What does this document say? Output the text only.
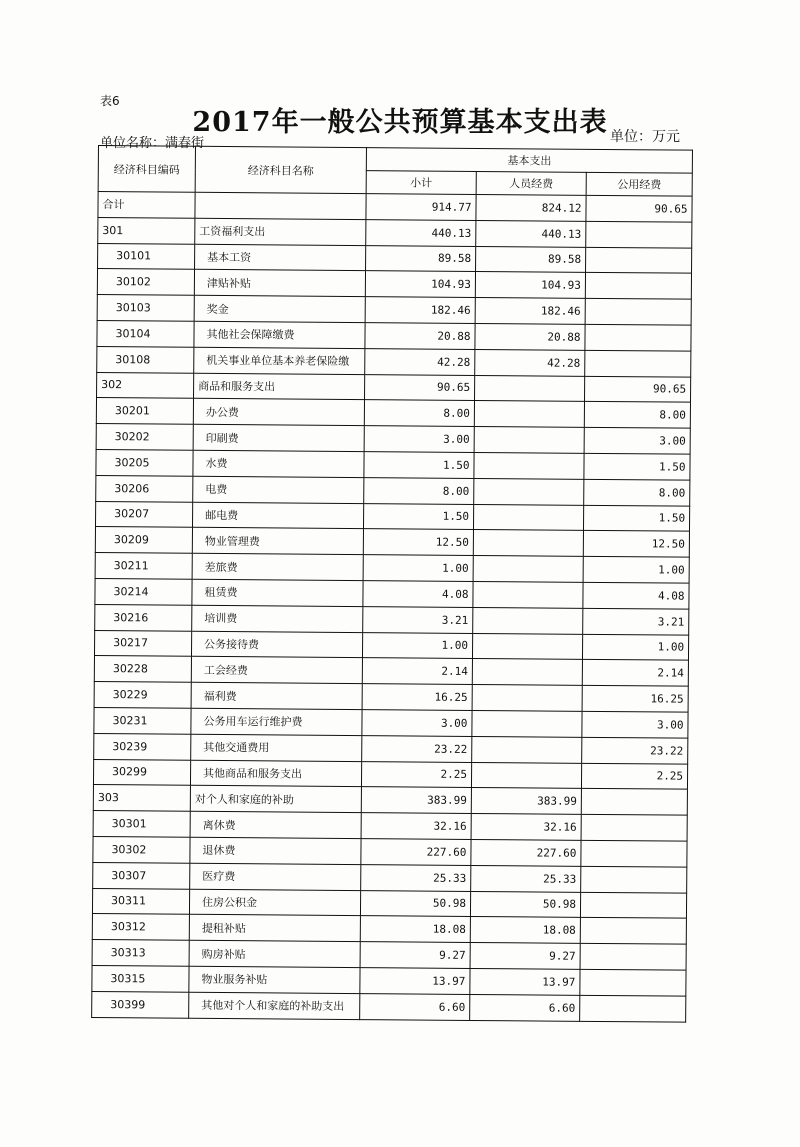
表6
2017年一般公共预算基本支出表
单位名称：满春街	单位：万元
经济科目编码	经济科目名称	基本支出		
		小计	人员经费	公用经费
合计		914.77	824.12	90.65
301	工资福利支出	440.13	440.13	
30101	基本工资	89.58	89.58	
30102	津贴补贴	104.93	104.93	
30103	奖金	182.46	182.46	
30104	其他社会保障缴费	20.88	20.88	
30108	机关事业单位基本养老保险缴	42.28	42.28	
302	商品和服务支出	90.65		90.65
30201	办公费	8.00		8.00
30202	印刷费	3.00		3.00
30205	水费	1.50		1.50
30206	电费	8.00		8.00
30207	邮电费	1.50		1.50
30209	物业管理费	12.50		12.50
30211	差旅费	1.00		1.00
30214	租赁费	4.08		4.08
30216	培训费	3.21		3.21
30217	公务接待费	1.00		1.00
30228	工会经费	2.14		2.14
30229	福利费	16.25		16.25
30231	公务用车运行维护费	3.00		3.00
30239	其他交通费用	23.22		23.22
30299	其他商品和服务支出	2.25		2.25
303	对个人和家庭的补助	383.99	383.99	
30301	离休费	32.16	32.16	
30302	退休费	227.60	227.60	
30307	医疗费	25.33	25.33	
30311	住房公积金	50.98	50.98	
30312	提租补贴	18.08	18.08	
30313	购房补贴	9.27	9.27	
30315	物业服务补贴	13.97	13.97	
30399	其他对个人和家庭的补助支出	6.60	6.60	
